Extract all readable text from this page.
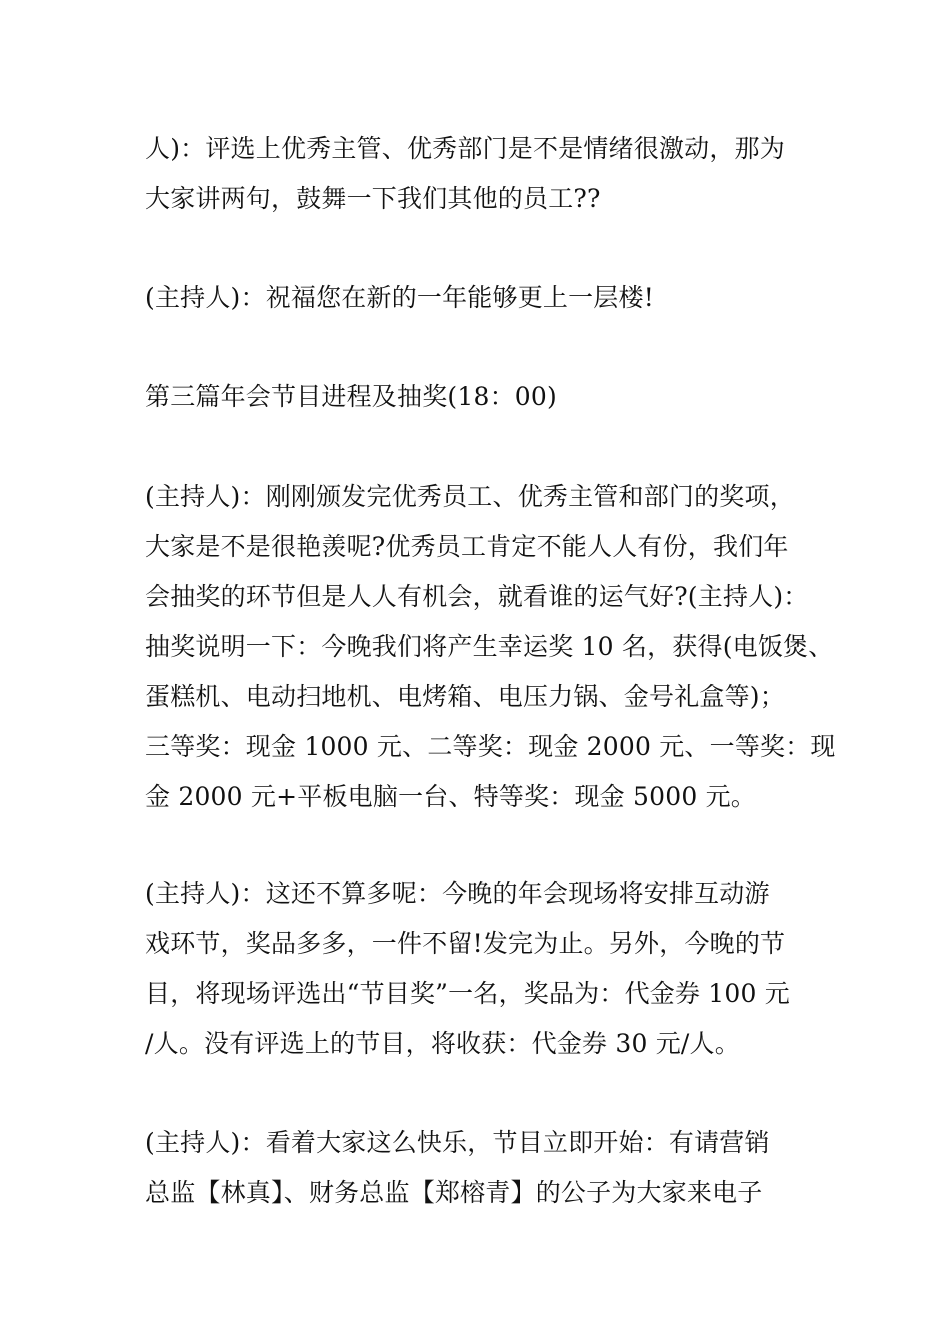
人)：评选上优秀主管、优秀部门是不是情绪很激动，那为
大家讲两句，鼓舞一下我们其他的员工??
(主持人)：祝福您在新的一年能够更上一层楼!
第三篇年会节目进程及抽奖(18：00)
(主持人)：刚刚颁发完优秀员工、优秀主管和部门的奖项，
大家是不是很艳羡呢?优秀员工肯定不能人人有份，我们年
会抽奖的环节但是人人有机会，就看谁的运气好?(主持人)：
抽奖说明一下：今晚我们将产生幸运奖 10 名，获得(电饭煲、
蛋糕机、电动扫地机、电烤箱、电压力锅、金号礼盒等)；
三等奖：现金 1000 元、二等奖：现金 2000 元、一等奖：现
金 2000 元+平板电脑一台、特等奖：现金 5000 元。
(主持人)：这还不算多呢：今晚的年会现场将安排互动游
戏环节，奖品多多，一件不留!发完为止。另外，今晚的节
目，将现场评选出“节目奖”一名，奖品为：代金券 100 元
/人。没有评选上的节目，将收获：代金券 30 元/人。
(主持人)：看着大家这么快乐，节目立即开始：有请营销
总监【林真】、财务总监【郑榕青】的公子为大家来电子
